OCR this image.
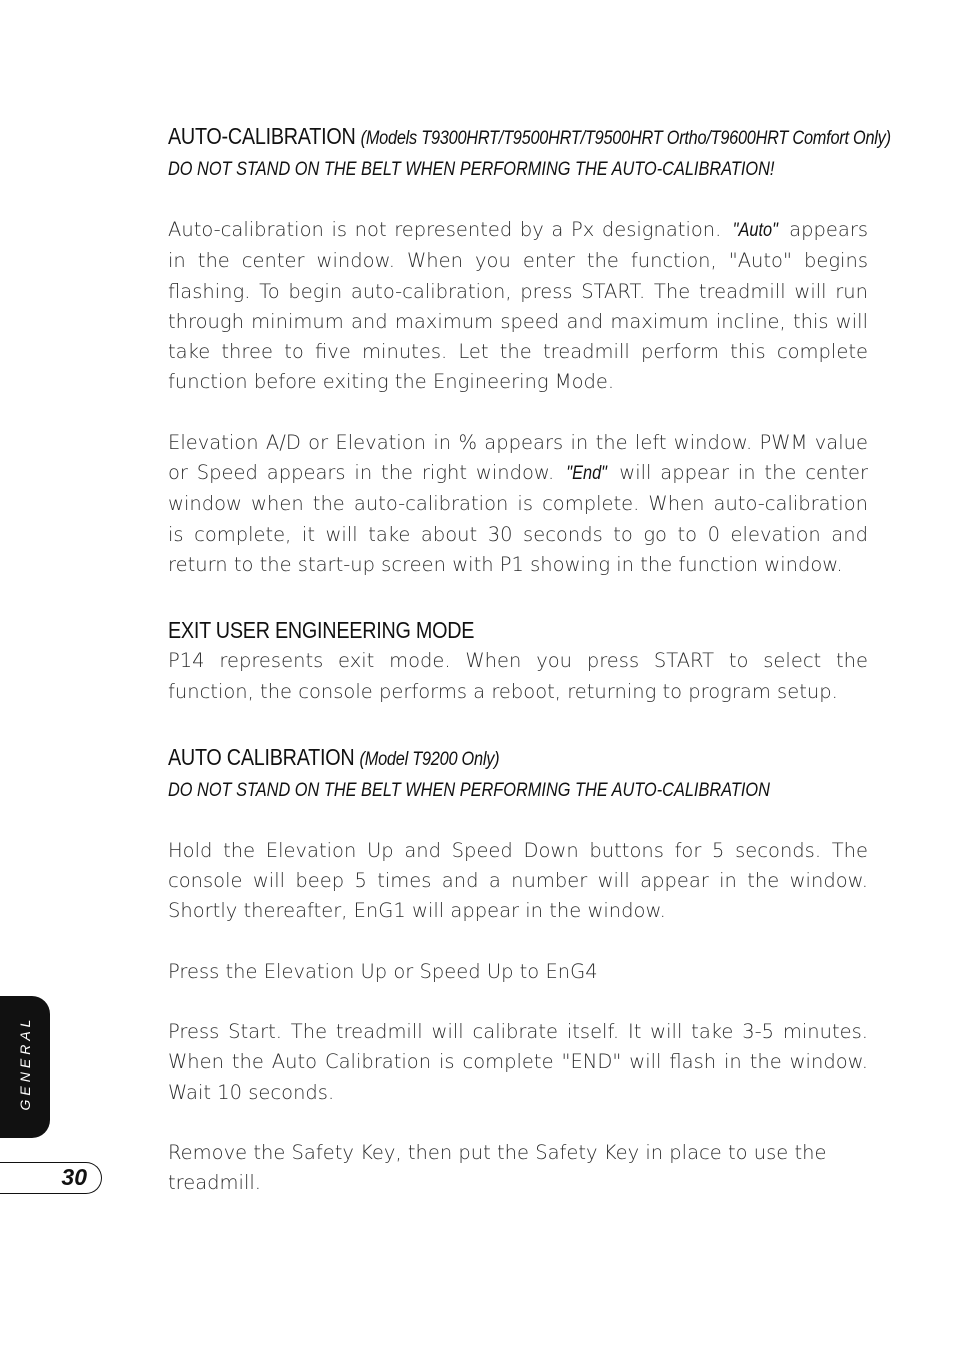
AUTO-CALIBRATION (Models T9300HRT/T9500HRT/T9500HRT Ortho/T9600HRT Comfort Only)
DO NOT STAND ON THE BELT WHEN PERFORMING THE AUTO-CALIBRATION!

Auto-calibration is not represented by a Px designation. "Auto" appears in the center window. When you enter the function, "Auto" begins flashing. To begin auto-calibration, press START. The treadmill will run through minimum and maximum speed and maximum incline, this will take three to five minutes. Let the treadmill perform this complete function before exiting the Engineering Mode.

Elevation A/D or Elevation in % appears in the left window. PWM value or Speed appears in the right window. "End" will appear in the center window when the auto-calibration is complete. When auto-calibration is complete, it will take about 30 seconds to go to 0 elevation and return to the start-up screen with P1 showing in the function window.

EXIT USER ENGINEERING MODE

P14 represents exit mode. When you press START to select the function, the console performs a reboot, returning to program setup.

AUTO CALIBRATION (Model T9200 Only)
DO NOT STAND ON THE BELT WHEN PERFORMING THE AUTO-CALIBRATION

Hold the Elevation Up and Speed Down buttons for 5 seconds. The console will beep 5 times and a number will appear in the window. Shortly thereafter, EnG1 will appear in the window.

Press the Elevation Up or Speed Up to EnG4

Press Start. The treadmill will calibrate itself. It will take 3-5 minutes. When the Auto Calibration is complete "END" will flash in the window. Wait 10 seconds.

Remove the Safety Key, then put the Safety Key in place to use the treadmill.

GENERAL
30
